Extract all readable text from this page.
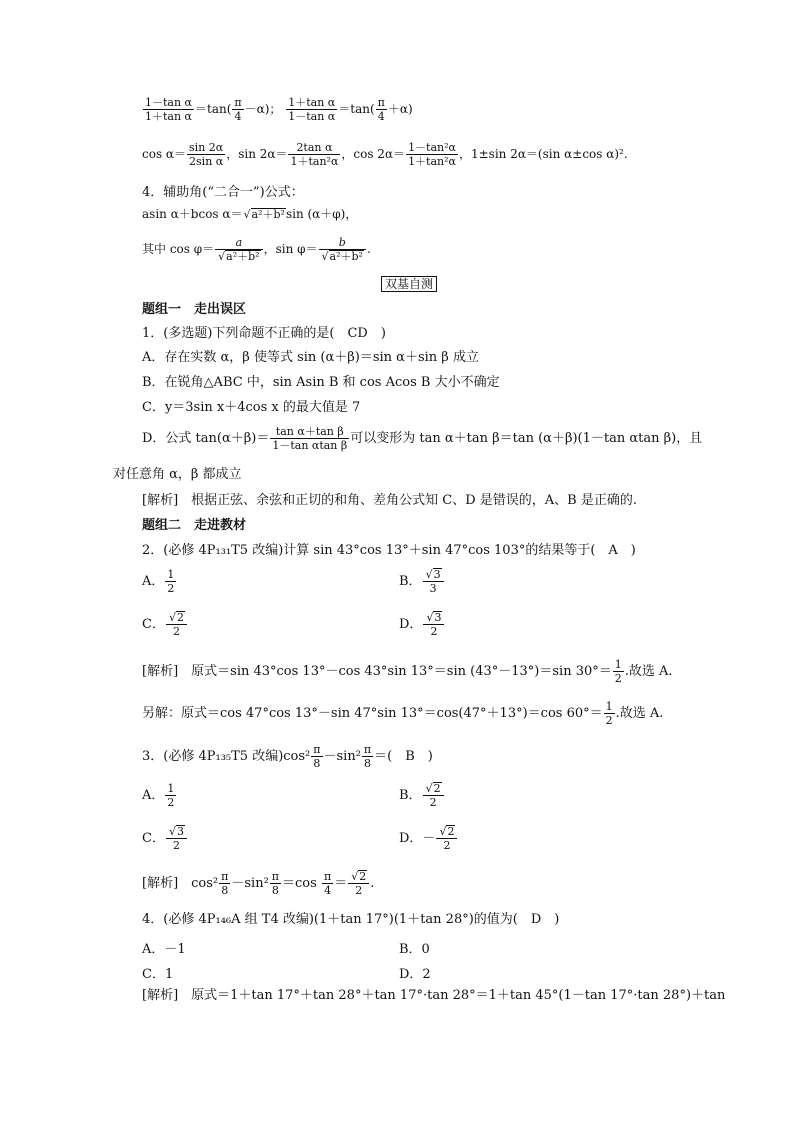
$\frac{\text{1－tan α}}{\text{1＋tan α}} =\tan( \frac{\pi}{4} -\alpha)$； $\frac{\text{1＋tan α}}{\text{1－tan α}} =\tan( \frac{\pi}{4} +\alpha)$
$\cos \alpha= \frac{\sin 2\alpha}{\text{2sin α}}$ ，$\sin 2\alpha= \frac{\text{2tan α}}{\text{1＋tan²α}}$ ，$\cos 2\alpha= \frac{\text{1－tan²α}}{\text{1＋tan²α}}$ ，1±sin 2α＝(sin α±cos α)².
4．辅助角(“二合一”)公式：
asin α＋bcos α＝ √ a²＋b²sin (α＋φ)，
其中 cos φ＝ a
√ a²＋b² ，sin φ＝ b
√ a²＋b² .
双基自测
题组一　走出误区
1．(多选题)下列命题不正确的是(　CD　)
A．存在实数 α，β 使等式 sin (α＋β)＝sin α＋sin β 成立
B．在锐角△ABC 中，sin Asin B 和 cos Acos B 大小不确定
C．y＝3sin x＋4cos x 的最大值是 7
D．公式 $\tan(\alpha+\beta)= \frac{\text{tan α＋tan β}}{\text{1－tan αtan β}}$ 可以变形为 tan α＋tan β＝tan (α＋β)(1－tan αtan β)，且
对任意角 α，β 都成立
[解析]　根据正弦、余弦和正切的和角、差角公式知 C、D 是错误的，A、B 是正确的.
题组二　走进教材
2．(必修 4P₁₃₁T5 改编)计算 sin 43°cos 13°＋sin 47°cos 103°的结果等于(　A　)
A． $\frac{1}{2}$	B． √ $\frac{3}{3}$
C． √ $\frac{2}{2}$	D． √ $\frac{3}{2}$
[解析]　原式＝sin 43°cos 13°－cos 43°sin 13°＝sin (43°－13°)＝sin $30^\circ= \frac{1}{2}$ .故选 A.
另解：原式＝cos 47°cos 13°－sin 47°sin 13°＝cos(47°＋13°)＝cos $60^\circ= \frac{1}{2}$ .故选 A.
3．(必修 4P₁₃₅T5 改编)$\cos^2 \frac{\pi}{8} -\sin^2 \frac{\pi}{8}$ ＝(　B　)
A． $\frac{1}{2}$	B． √ $\frac{2}{2}$
C． √ $\frac{3}{2}$	D．－ √ $\frac{2}{2}$
[解析]　$\cos^2 \frac{\pi}{8} -\sin^2 \frac{\pi}{8} =\cos \frac{\pi}{4}$ ＝ √ $\frac{2}{2}$ .
4．(必修 4P₁₄₆A 组 T4 改编)(1＋tan 17°)(1＋tan 28°)的值为(　D　)
A．－1	B．0
C．1	D．2
[解析]　原式＝1＋tan 17°＋tan 28°＋tan 17°·tan 28°＝1＋tan 45°(1－tan 17°·tan 28°)＋tan
